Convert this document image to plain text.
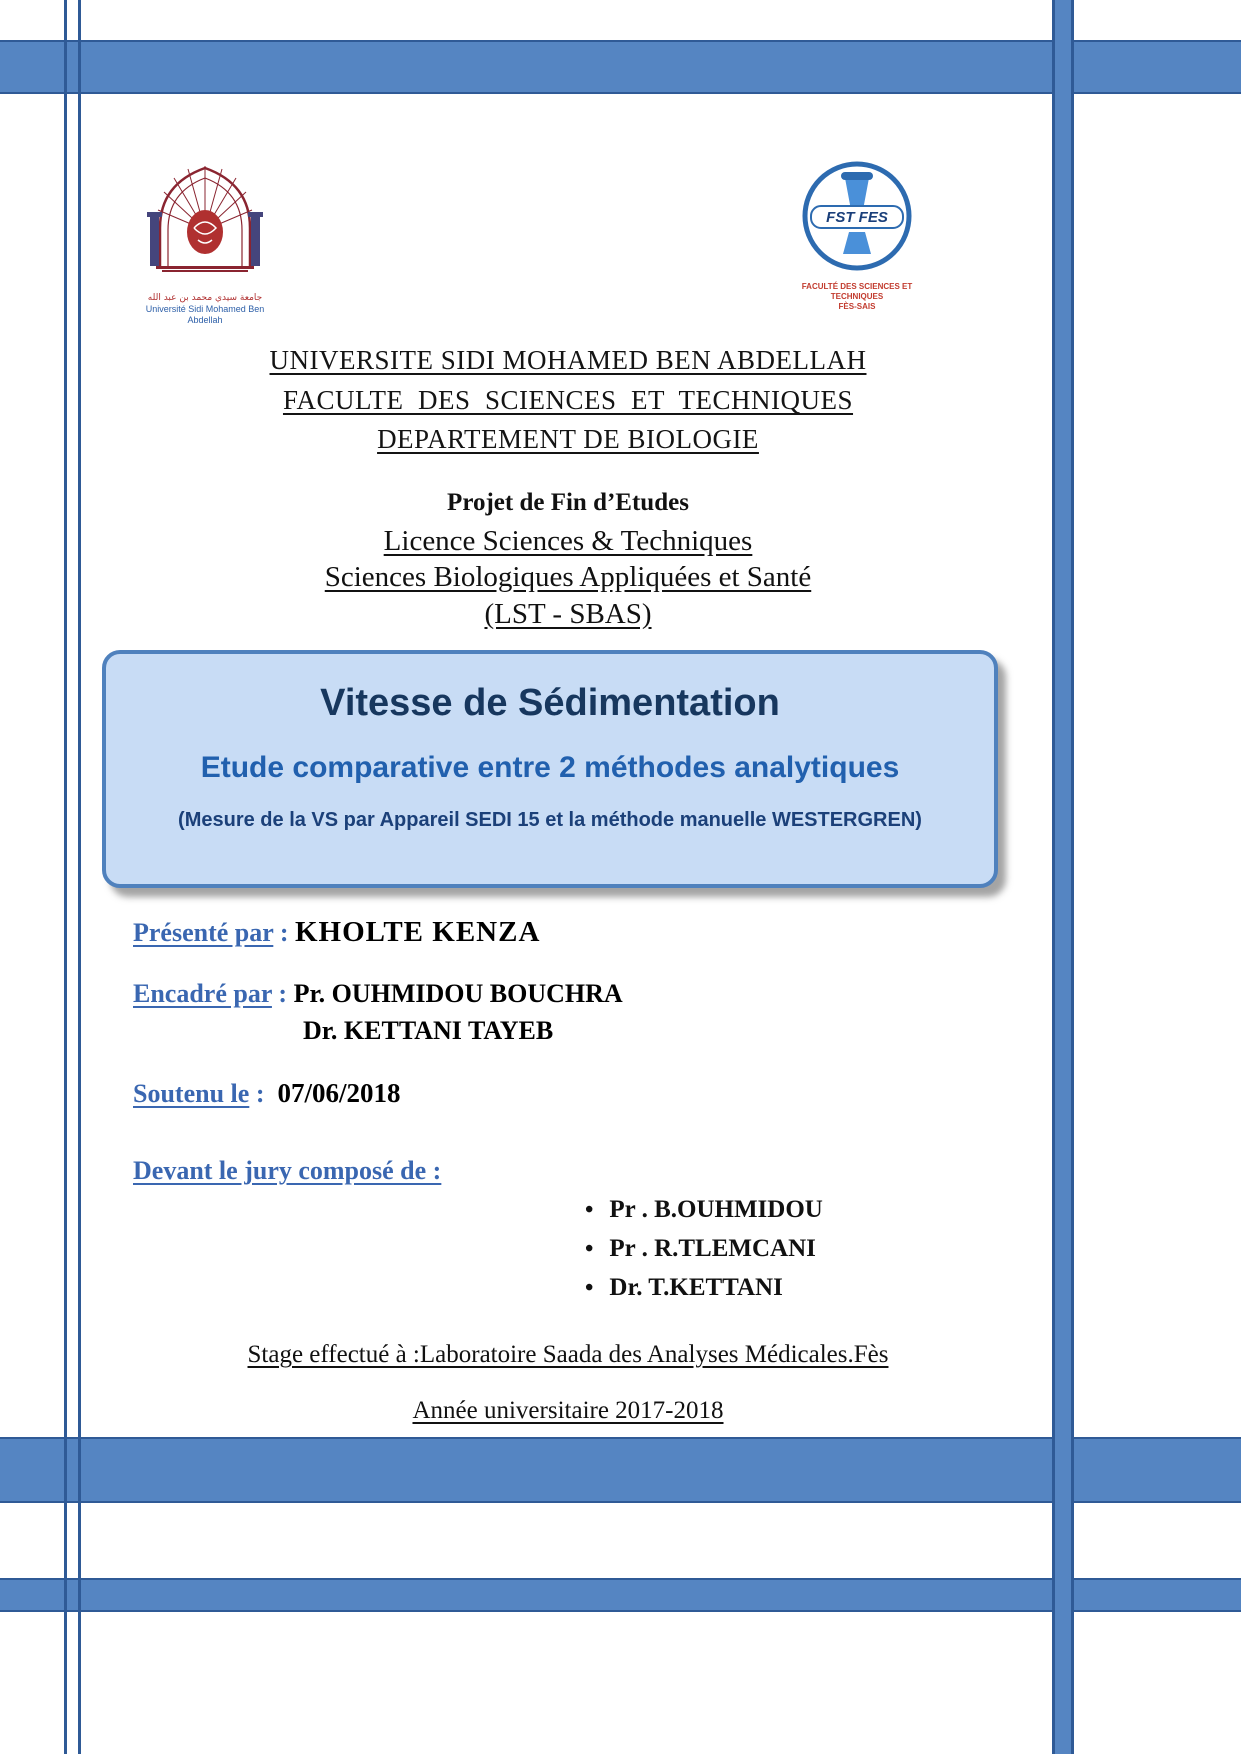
جامعة سيدي محمد بن عبد الله
Université Sidi Mohamed Ben Abdellah
FST FES
FACULTÉ DES SCIENCES ET TECHNIQUES
FÈS-SAIS
UNIVERSITE SIDI MOHAMED BEN ABDELLAH
FACULTE  DES  SCIENCES  ET  TECHNIQUES
DEPARTEMENT DE BIOLOGIE
Projet de Fin d’Etudes
Licence Sciences & Techniques
Sciences Biologiques Appliquées et Santé
(LST - SBAS)
Vitesse de Sédimentation
Etude comparative entre 2 méthodes analytiques
(Mesure de la VS par Appareil SEDI 15 et la méthode manuelle WESTERGREN)
Présenté par : KHOLTE KENZA
Encadré par : Pr. OUHMIDOU BOUCHRA
Dr. KETTANI TAYEB
Soutenu le :  07/06/2018
Devant le jury composé de :
• Pr . B.OUHMIDOU
• Pr . R.TLEMCANI
• Dr. T.KETTANI
Stage effectué à :Laboratoire Saada des Analyses Médicales.Fès
Année universitaire 2017-2018
